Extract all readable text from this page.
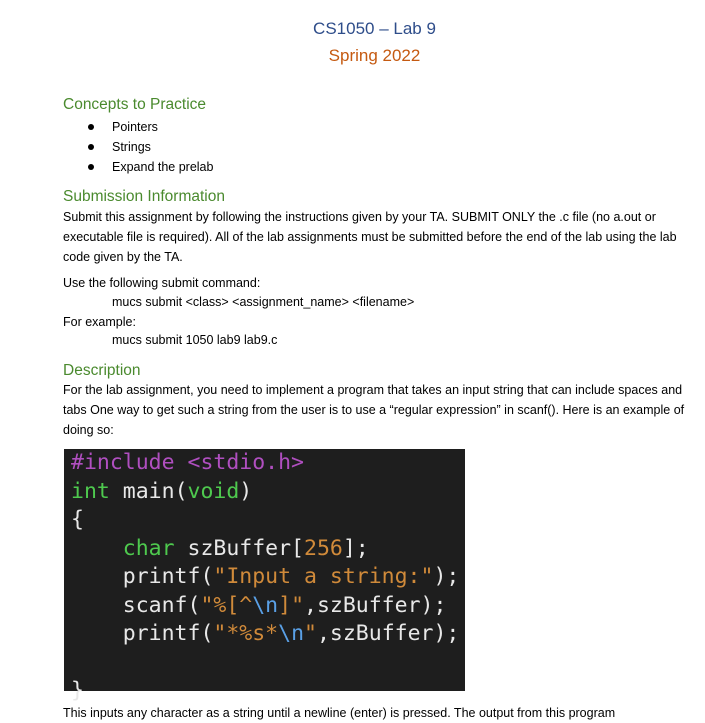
CS1050 – Lab 9
Spring 2022
Concepts to Practice
Pointers
Strings
Expand the prelab
Submission Information
Submit this assignment by following the instructions given by your TA. SUBMIT ONLY the .c file (no a.out or executable file is required). All of the lab assignments must be submitted before the end of the lab using the lab code given by the TA.
Use the following submit command:
mucs submit <class> <assignment_name> <filename>
For example:
mucs submit 1050 lab9 lab9.c
Description
For the lab assignment, you need to implement a program that takes an input string that can include spaces and tabs One way to get such a string from the user is to use a “regular expression” in scanf(). Here is an example of doing so:
#include <stdio.h>
int main(void)
{
char szBuffer[256];
printf("Input a string:");
scanf("%[^\n]",szBuffer);
printf("*%s*\n",szBuffer);
}
This inputs any character as a string until a newline (enter) is pressed. The output from this program
